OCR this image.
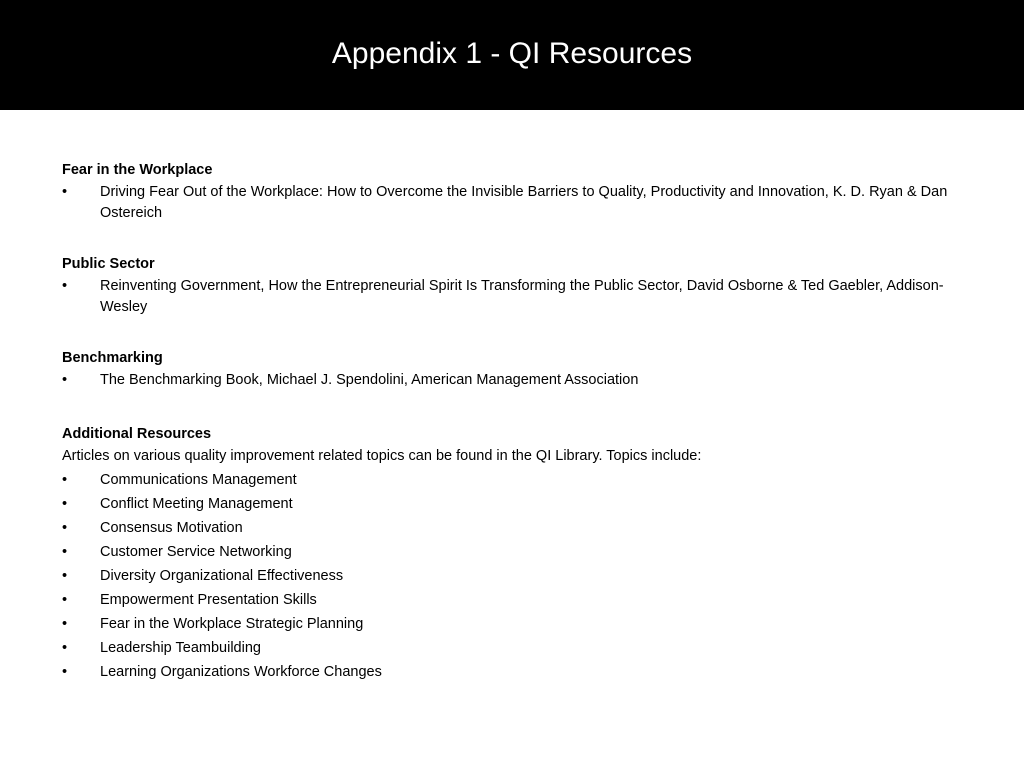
Appendix 1 - QI Resources
Fear in the Workplace
•	Driving Fear Out of the Workplace: How to Overcome the Invisible Barriers to Quality, Productivity and Innovation, K. D. Ryan & Dan Ostereich
Public Sector
•	Reinventing Government, How the Entrepreneurial Spirit Is Transforming the Public Sector, David Osborne & Ted Gaebler, Addison-Wesley
Benchmarking
•	The Benchmarking Book, Michael J. Spendolini, American Management Association
Additional Resources
Articles on various quality improvement related topics can be found in the QI Library. Topics include:
•	Communications Management
•	Conflict Meeting Management
•	Consensus Motivation
•	Customer Service Networking
•	Diversity Organizational Effectiveness
•	Empowerment Presentation Skills
•	Fear in the Workplace Strategic Planning
•	Leadership Teambuilding
•	Learning Organizations Workforce Changes
